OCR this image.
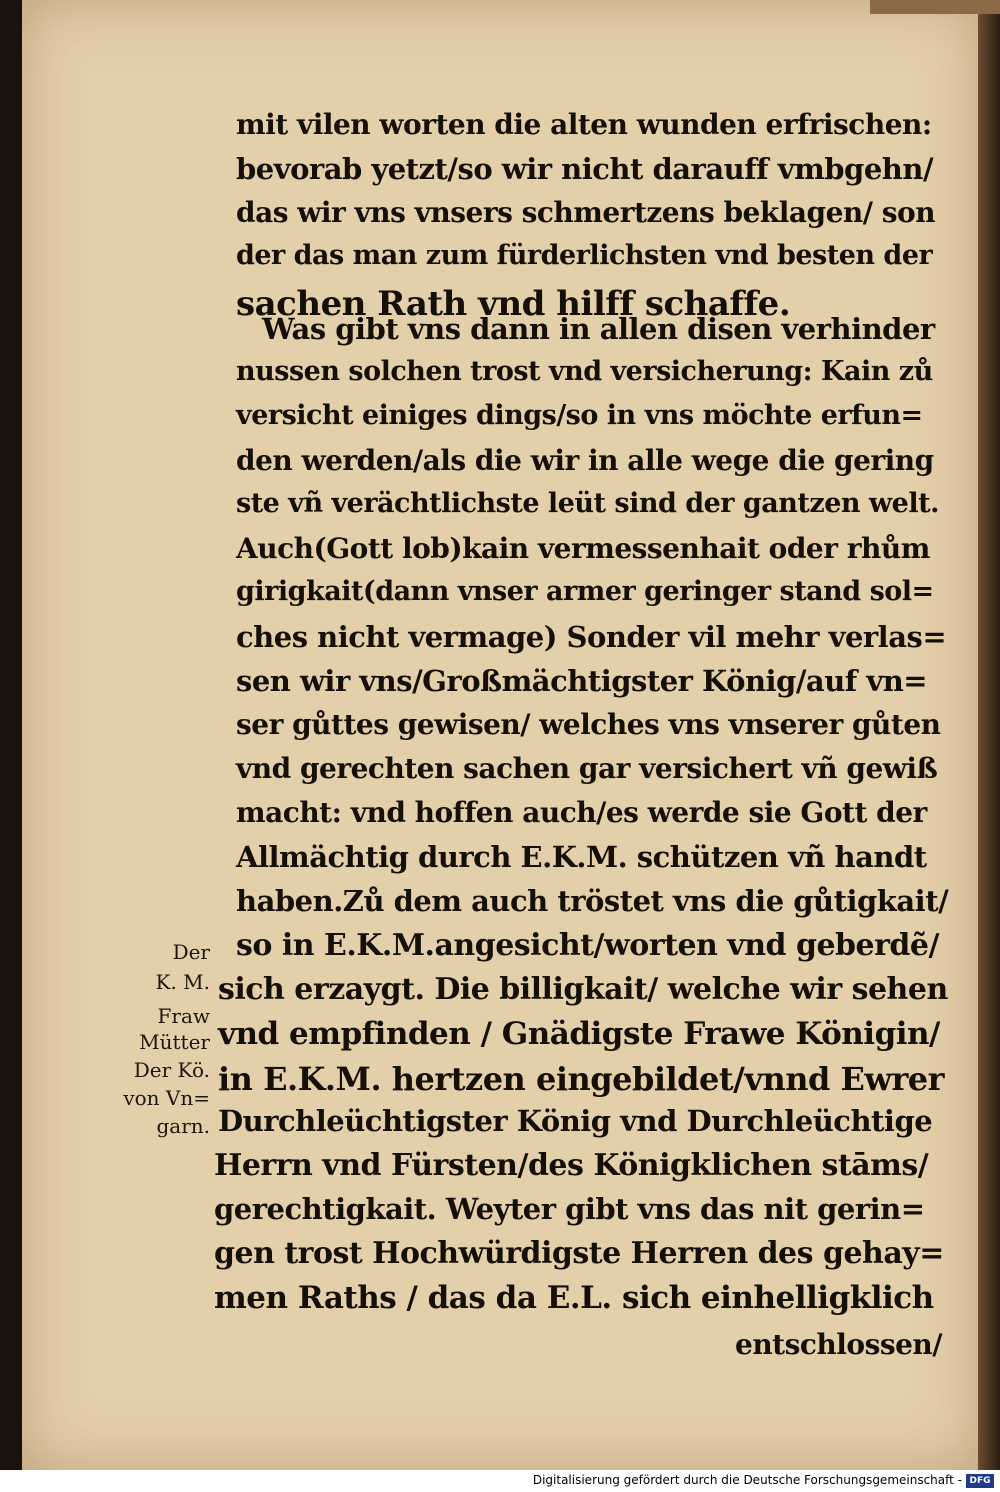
mit vilen worten die alten wunden erfrischen:
bevorab yetzt/so wir nicht darauff vmbgehn/
das wir vns vnsers schmertzens beklagen/ son
der das man zum fürderlichsten vnd besten der
sachen Rath vnd hilff schaffe.
Was gibt vns dann in allen disen verhinder
nussen solchen trost vnd versicherung: Kain zů
versicht einiges dings/so in vns möchte erfun=
den werden/als die wir in alle wege die gering
ste vñ verächtlichste leüt sind der gantzen welt.
Auch(Gott lob)kain vermessenhait oder rhům
girigkait(dann vnser armer geringer stand sol=
ches nicht vermage) Sonder vil mehr verlas=
sen wir vns/Großmächtigster König/auf vn=
ser gůttes gewisen/ welches vns vnserer gůten
vnd gerechten sachen gar versichert vñ gewiß
macht: vnd hoffen auch/es werde sie Gott der
Allmächtig durch E.K.M. schützen vñ handt
haben.Zů dem auch tröstet vns die gůtigkait/
so in E.K.M.angesicht/worten vnd geberdẽ/
sich erzaygt. Die billigkait/ welche wir sehen
vnd empfinden / Gnädigste Frawe Königin/
in E.K.M. hertzen eingebildet/vnnd Ewrer
Durchleüchtigster König vnd Durchleüchtige
Herrn vnd Fürsten/des Königklichen stāms/
gerechtigkait. Weyter gibt vns das nit gerin=
gen trost Hochwürdigste Herren des gehay=
men Raths / das da E.L. sich einhelligklich
entschlossen/
Der
K. M.
Fraw
Mütter
Der Kö.
von Vn=
garn.
Digitalisierung gefördert durch die Deutsche Forschungsgemeinschaft - DFG
